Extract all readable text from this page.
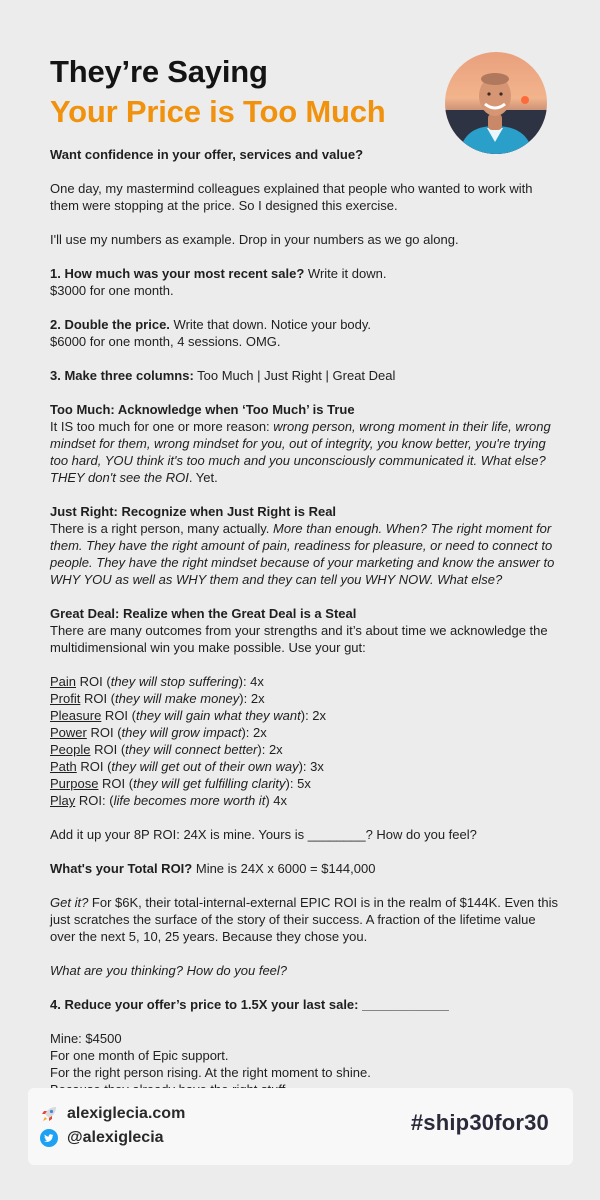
They’re Saying
Your Price is Too Much

Want confidence in your offer, services and value?

One day, my mastermind colleagues explained that people who wanted to work with them were stopping at the price. So I designed this exercise.

I'll use my numbers as example. Drop in your numbers as we go along.

1. How much was your most recent sale? Write it down.
$3000 for one month.

2. Double the price. Write that down. Notice your body.
$6000 for one month, 4 sessions. OMG.

3. Make three columns: Too Much | Just Right | Great Deal

Too Much: Acknowledge when ‘Too Much’ is True
It IS too much for one or more reason: wrong person, wrong moment in their life, wrong mindset for them, wrong mindset for you, out of integrity, you know better, you're trying too hard, YOU think it's too much and you unconsciously communicated it. What else? THEY don't see the ROI. Yet.

Just Right: Recognize when Just Right is Real
There is a right person, many actually. More than enough. When? The right moment for them. They have the right amount of pain, readiness for pleasure, or need to connect to people. They have the right mindset because of your marketing and know the answer to WHY YOU as well as WHY them and they can tell you WHY NOW. What else?

Great Deal: Realize when the Great Deal is a Steal
There are many outcomes from your strengths and it’s about time we acknowledge the multidimensional win you make possible. Use your gut:

Pain ROI (they will stop suffering): 4x
Profit ROI (they will make money): 2x
Pleasure ROI (they will gain what they want): 2x
Power ROI (they will grow impact): 2x
People ROI (they will connect better): 2x
Path ROI (they will get out of their own way): 3x
Purpose ROI (they will get fulfilling clarity): 5x
Play ROI: (life becomes more worth it) 4x

Add it up your 8P ROI: 24X is mine. Yours is ________? How do you feel?

What's your Total ROI? Mine is 24X x 6000 = $144,000

Get it? For $6K, their total-internal-external EPIC ROI is in the realm of $144K. Even this just scratches the surface of the story of their success. A fraction of the lifetime value over the next 5, 10, 25 years. Because they chose you.

What are you thinking? How do you feel?

4. Reduce your offer’s price to 1.5X your last sale: ____________

Mine: $4500
For one month of Epic support.
For the right person rising. At the right moment to shine.

alexiglecia.com
@alexiglecia
#ship30for30
